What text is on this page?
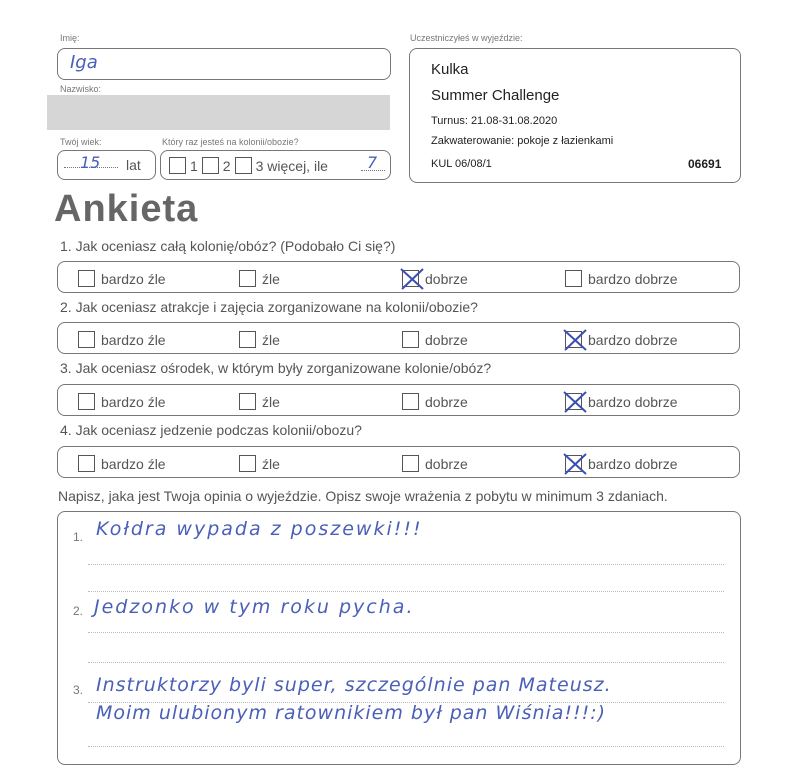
Imię:
Iga
Nazwisko:
Twój wiek:
15 lat
Który raz jesteś na kolonii/obozie?
1 2 3 więcej, ile 7
Uczestniczyłeś w wyjeździe:
Kulka
Summer Challenge
Turnus: 21.08-31.08.2020
Zakwaterowanie: pokoje z łazienkami
KUL 06/08/1	06691
Ankieta
1. Jak oceniasz całą kolonię/obóz? (Podobało Ci się?)
bardzo źle	źle	dobrze	bardzo dobrze
2. Jak oceniasz atrakcje i zajęcia zorganizowane na kolonii/obozie?
bardzo źle	źle	dobrze	bardzo dobrze
3. Jak oceniasz ośrodek, w którym były zorganizowane kolonie/obóz?
bardzo źle	źle	dobrze	bardzo dobrze
4. Jak oceniasz jedzenie podczas kolonii/obozu?
bardzo źle	źle	dobrze	bardzo dobrze
Napisz, jaka jest Twoja opinia o wyjeździe. Opisz swoje wrażenia z pobytu w minimum 3 zdaniach.
1.
2.
3.
Kołdra wypada z poszewki!!!
Jedzonko w tym roku pycha.
Instruktorzy byli super, szczególnie pan Mateusz.
Moim ulubionym ratownikiem był pan Wiśnia!!!:)
